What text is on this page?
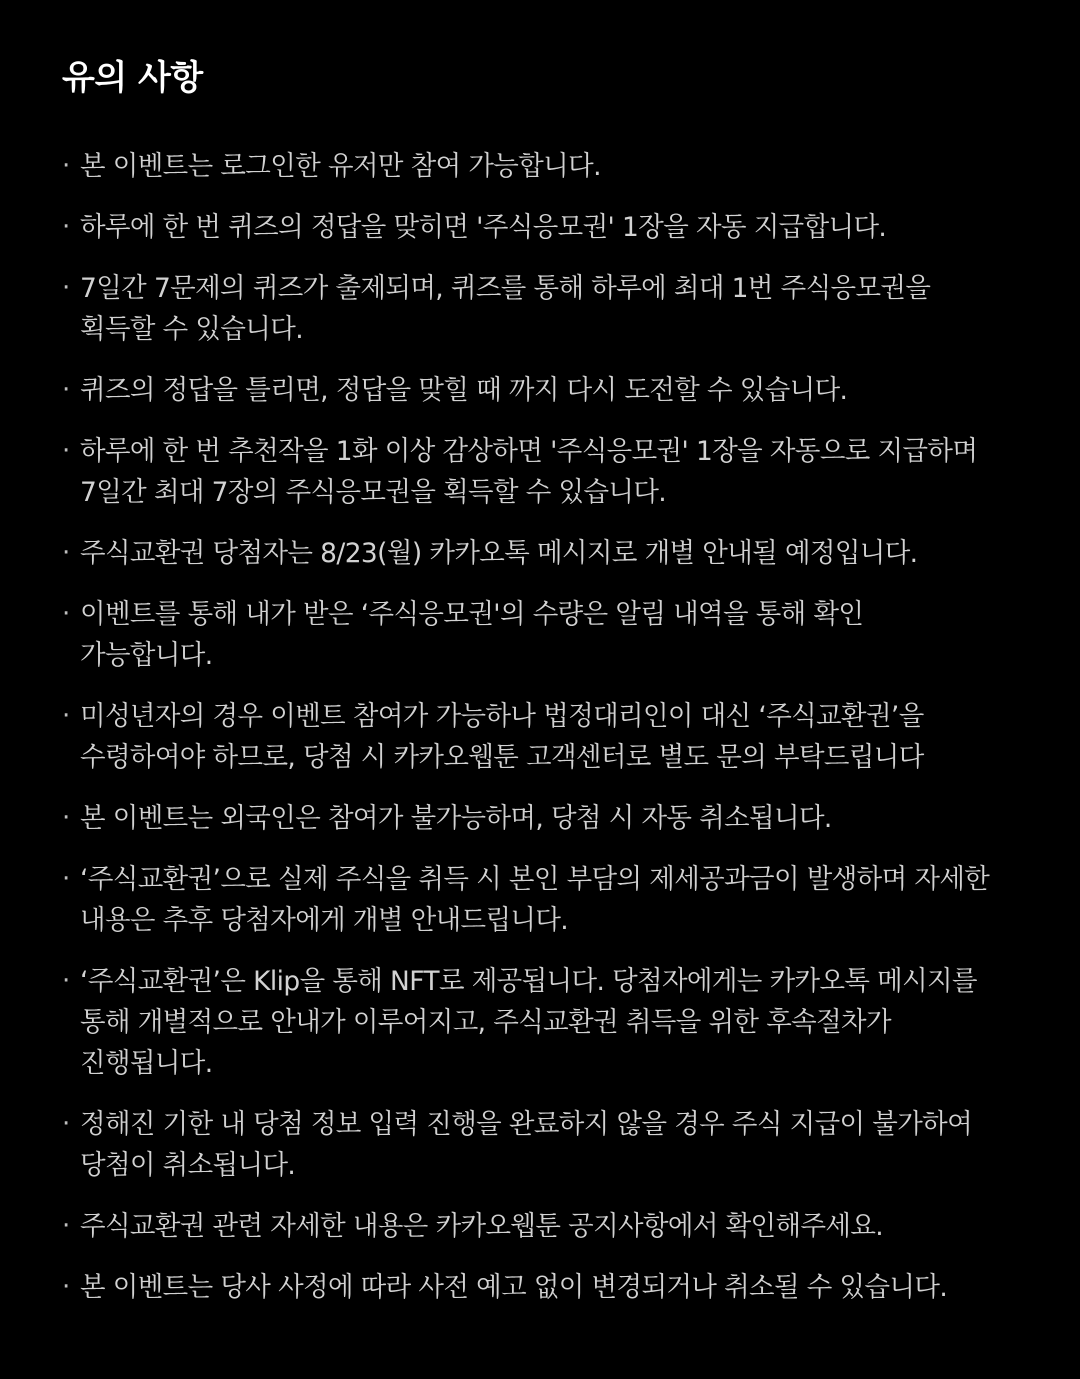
유의 사항
· 본 이벤트는 로그인한 유저만 참여 가능합니다.
· 하루에 한 번 퀴즈의 정답을 맞히면 '주식응모권' 1장을 자동 지급합니다.
· 7일간 7문제의 퀴즈가 출제되며, 퀴즈를 통해 하루에 최대 1번 주식응모권을획득할 수 있습니다.
· 퀴즈의 정답을 틀리면, 정답을 맞힐 때 까지 다시 도전할 수 있습니다.
· 하루에 한 번 추천작을 1화 이상 감상하면 '주식응모권' 1장을 자동으로 지급하며7일간 최대 7장의 주식응모권을 획득할 수 있습니다.
· 주식교환권 당첨자는 8/23(월) 카카오톡 메시지로 개별 안내될 예정입니다.
· 이벤트를 통해 내가 받은 ‘주식응모권'의 수량은 알림 내역을 통해 확인가능합니다.
· 미성년자의 경우 이벤트 참여가 가능하나 법정대리인이 대신 ‘주식교환권’을수령하여야 하므로, 당첨 시 카카오웹툰 고객센터로 별도 문의 부탁드립니다
· 본 이벤트는 외국인은 참여가 불가능하며, 당첨 시 자동 취소됩니다.
· ‘주식교환권’으로 실제 주식을 취득 시 본인 부담의 제세공과금이 발생하며 자세한내용은 추후 당첨자에게 개별 안내드립니다.
· ‘주식교환권’은 Klip을 통해 NFT로 제공됩니다. 당첨자에게는 카카오톡 메시지를통해 개별적으로 안내가 이루어지고, 주식교환권 취득을 위한 후속절차가진행됩니다.
· 정해진 기한 내 당첨 정보 입력 진행을 완료하지 않을 경우 주식 지급이 불가하여당첨이 취소됩니다.
· 주식교환권 관련 자세한 내용은 카카오웹툰 공지사항에서 확인해주세요.
· 본 이벤트는 당사 사정에 따라 사전 예고 없이 변경되거나 취소될 수 있습니다.
